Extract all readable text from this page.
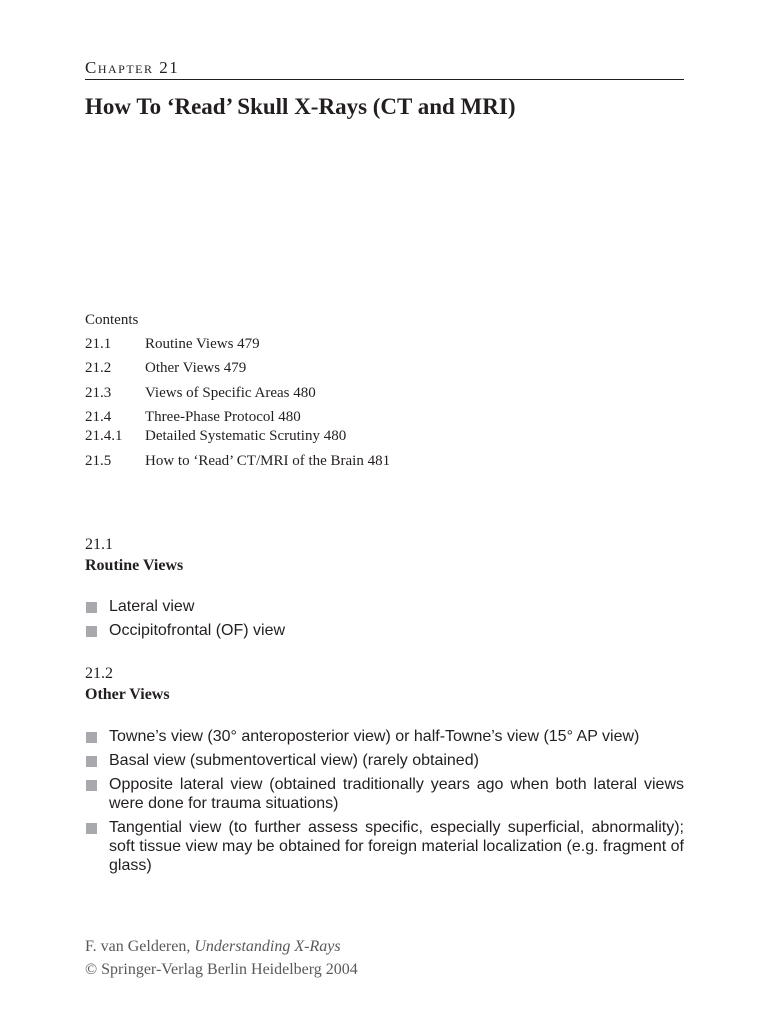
Chapter 21
How To ‘Read’ Skull X-Rays (CT and MRI)
Contents
21.1 Routine Views 479
21.2 Other Views 479
21.3 Views of Specific Areas 480
21.4 Three-Phase Protocol 480
21.4.1 Detailed Systematic Scrutiny 480
21.5 How to ‘Read’ CT/MRI of the Brain 481
21.1
Routine Views
Lateral view
Occipitofrontal (OF) view
21.2
Other Views
Towne’s view (30° anteroposterior view) or half-Towne’s view (15° AP view)
Basal view (submentovertical view) (rarely obtained)
Opposite lateral view (obtained traditionally years ago when both lateral views were done for trauma situations)
Tangential view (to further assess specific, especially superficial, abnormality); soft tissue view may be obtained for foreign material localization (e.g. fragment of glass)
F. van Gelderen, Understanding X-Rays
© Springer-Verlag Berlin Heidelberg 2004
